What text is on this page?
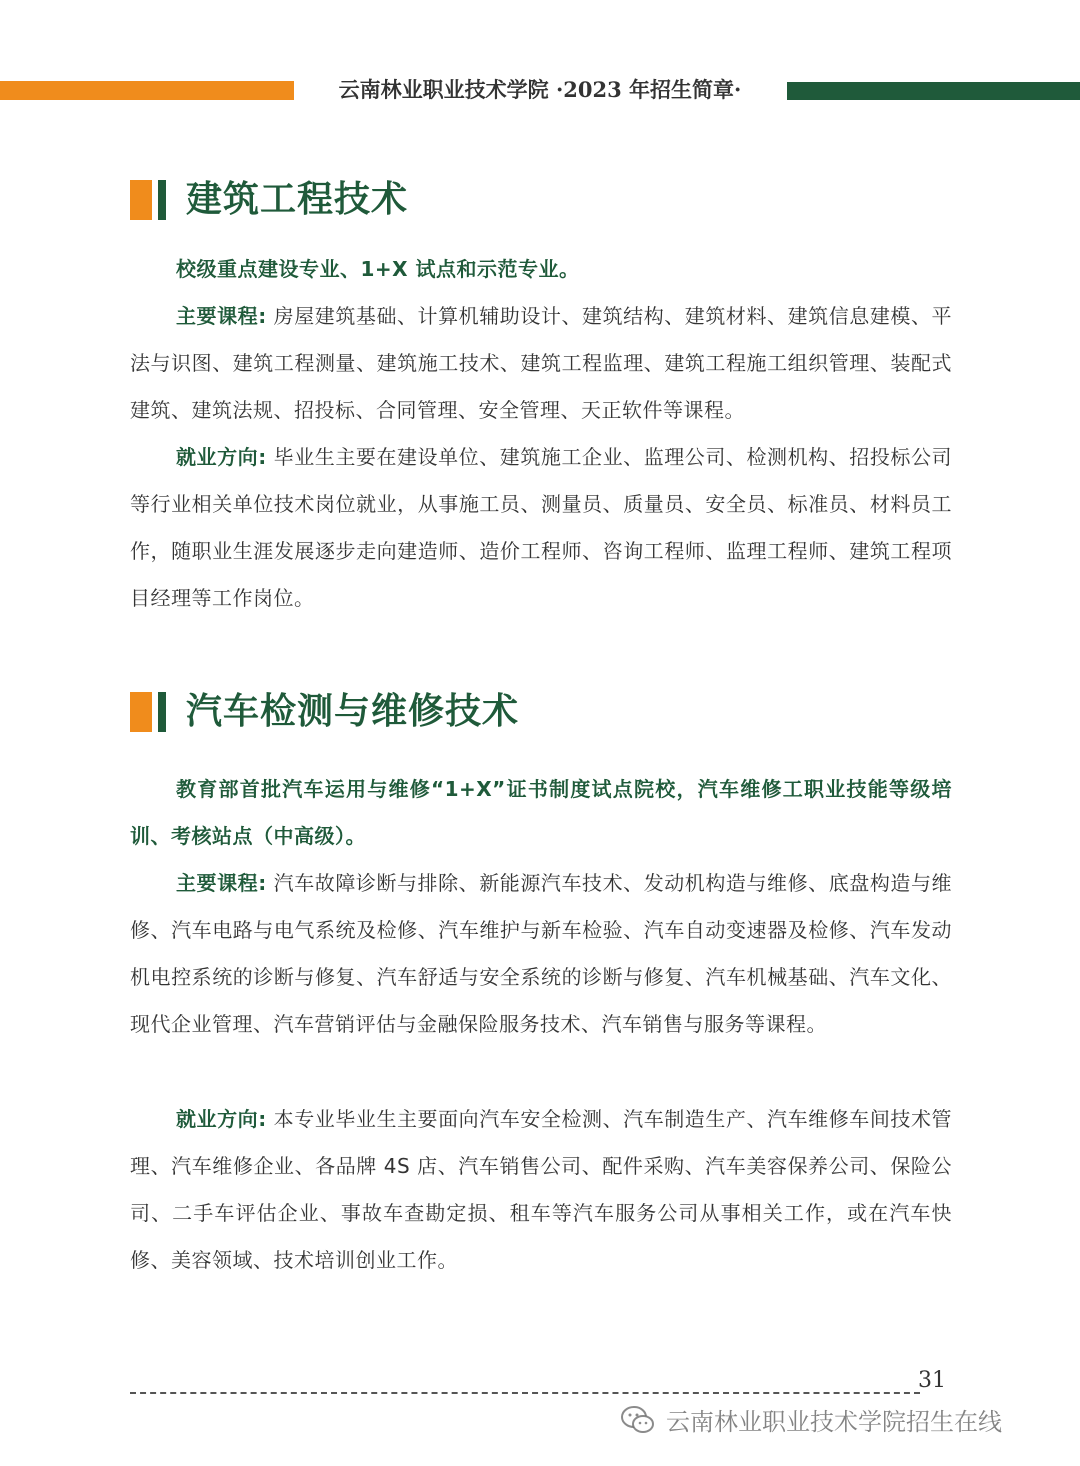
云南林业职业技术学院 ·2023 年招生简章·
建筑工程技术

校级重点建设专业、1+X 试点和示范专业。

主要课程: 房屋建筑基础、计算机辅助设计、建筑结构、建筑材料、建筑信息建模、平法与识图、建筑工程测量、建筑施工技术、建筑工程监理、建筑工程施工组织管理、装配式建筑、建筑法规、招投标、合同管理、安全管理、天正软件等课程。

就业方向: 毕业生主要在建设单位、建筑施工企业、监理公司、检测机构、招投标公司等行业相关单位技术岗位就业，从事施工员、测量员、质量员、安全员、标准员、材料员工作，随职业生涯发展逐步走向建造师、造价工程师、咨询工程师、监理工程师、建筑工程项目经理等工作岗位。

汽车检测与维修技术

教育部首批汽车运用与维修“1+X”证书制度试点院校，汽车维修工职业技能等级培训、考核站点（中高级）。

主要课程: 汽车故障诊断与排除、新能源汽车技术、发动机构造与维修、底盘构造与维修、汽车电路与电气系统及检修、汽车维护与新车检验、汽车自动变速器及检修、汽车发动机电控系统的诊断与修复、汽车舒适与安全系统的诊断与修复、汽车机械基础、汽车文化、现代企业管理、汽车营销评估与金融保险服务技术、汽车销售与服务等课程。

就业方向: 本专业毕业生主要面向汽车安全检测、汽车制造生产、汽车维修车间技术管理、汽车维修企业、各品牌 4S 店、汽车销售公司、配件采购、汽车美容保养公司、保险公司、二手车评估企业、事故车查勘定损、租车等汽车服务公司从事相关工作，或在汽车快修、美容领域、技术培训创业工作。

31
云南林业职业技术学院招生在线
